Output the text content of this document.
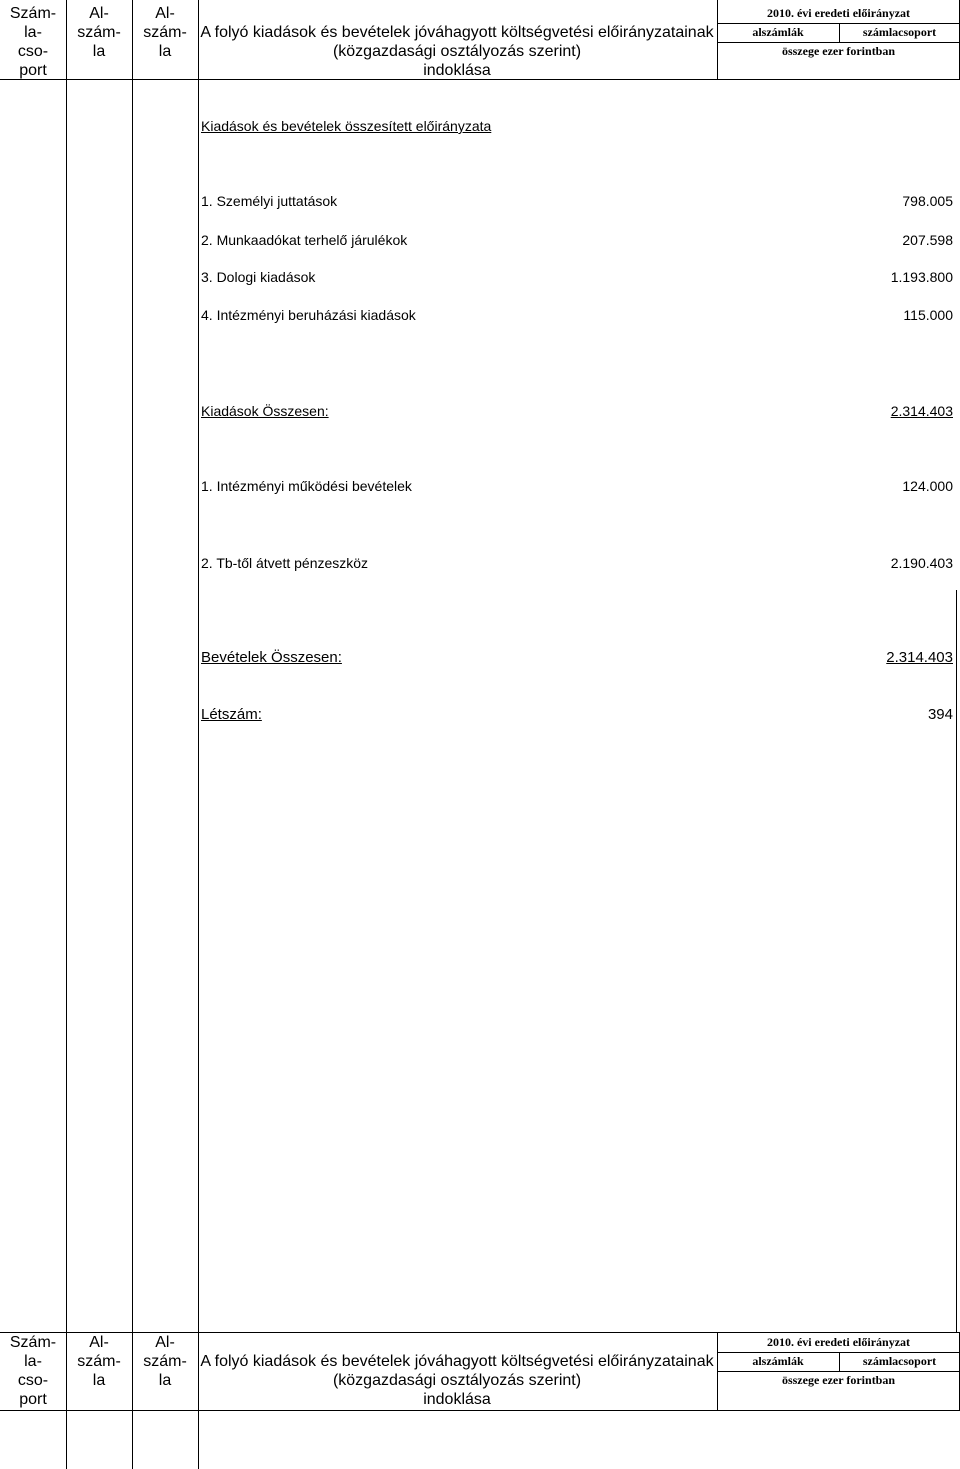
Szám-
la-
cso-
port
Al-
szám-
la
Al-
szám-
la
A folyó kiadások és bevételek jóváhagyott költségvetési előirányzatainak
(közgazdasági osztályozás szerint)
indoklása
2010. évi eredeti előirányzat
alszámlák	számlacsoport
összege ezer forintban
Kiadások és bevételek összesített előirányzata
1. Személyi juttatások	798.005
2. Munkaadókat terhelő járulékok	207.598
3. Dologi kiadások	1.193.800
4. Intézményi beruházási kiadások	115.000
Kiadások Összesen:	2.314.403
1. Intézményi működési bevételek	124.000
2. Tb-től átvett pénzeszköz	2.190.403
Bevételek Összesen:	2.314.403
Létszám:	394
Szám-
la-
cso-
port
Al-
szám-
la
Al-
szám-
la
A folyó kiadások és bevételek jóváhagyott költségvetési előirányzatainak
(közgazdasági osztályozás szerint)
indoklása
2010. évi eredeti előirányzat
alszámlák	számlacsoport
összege ezer forintban
